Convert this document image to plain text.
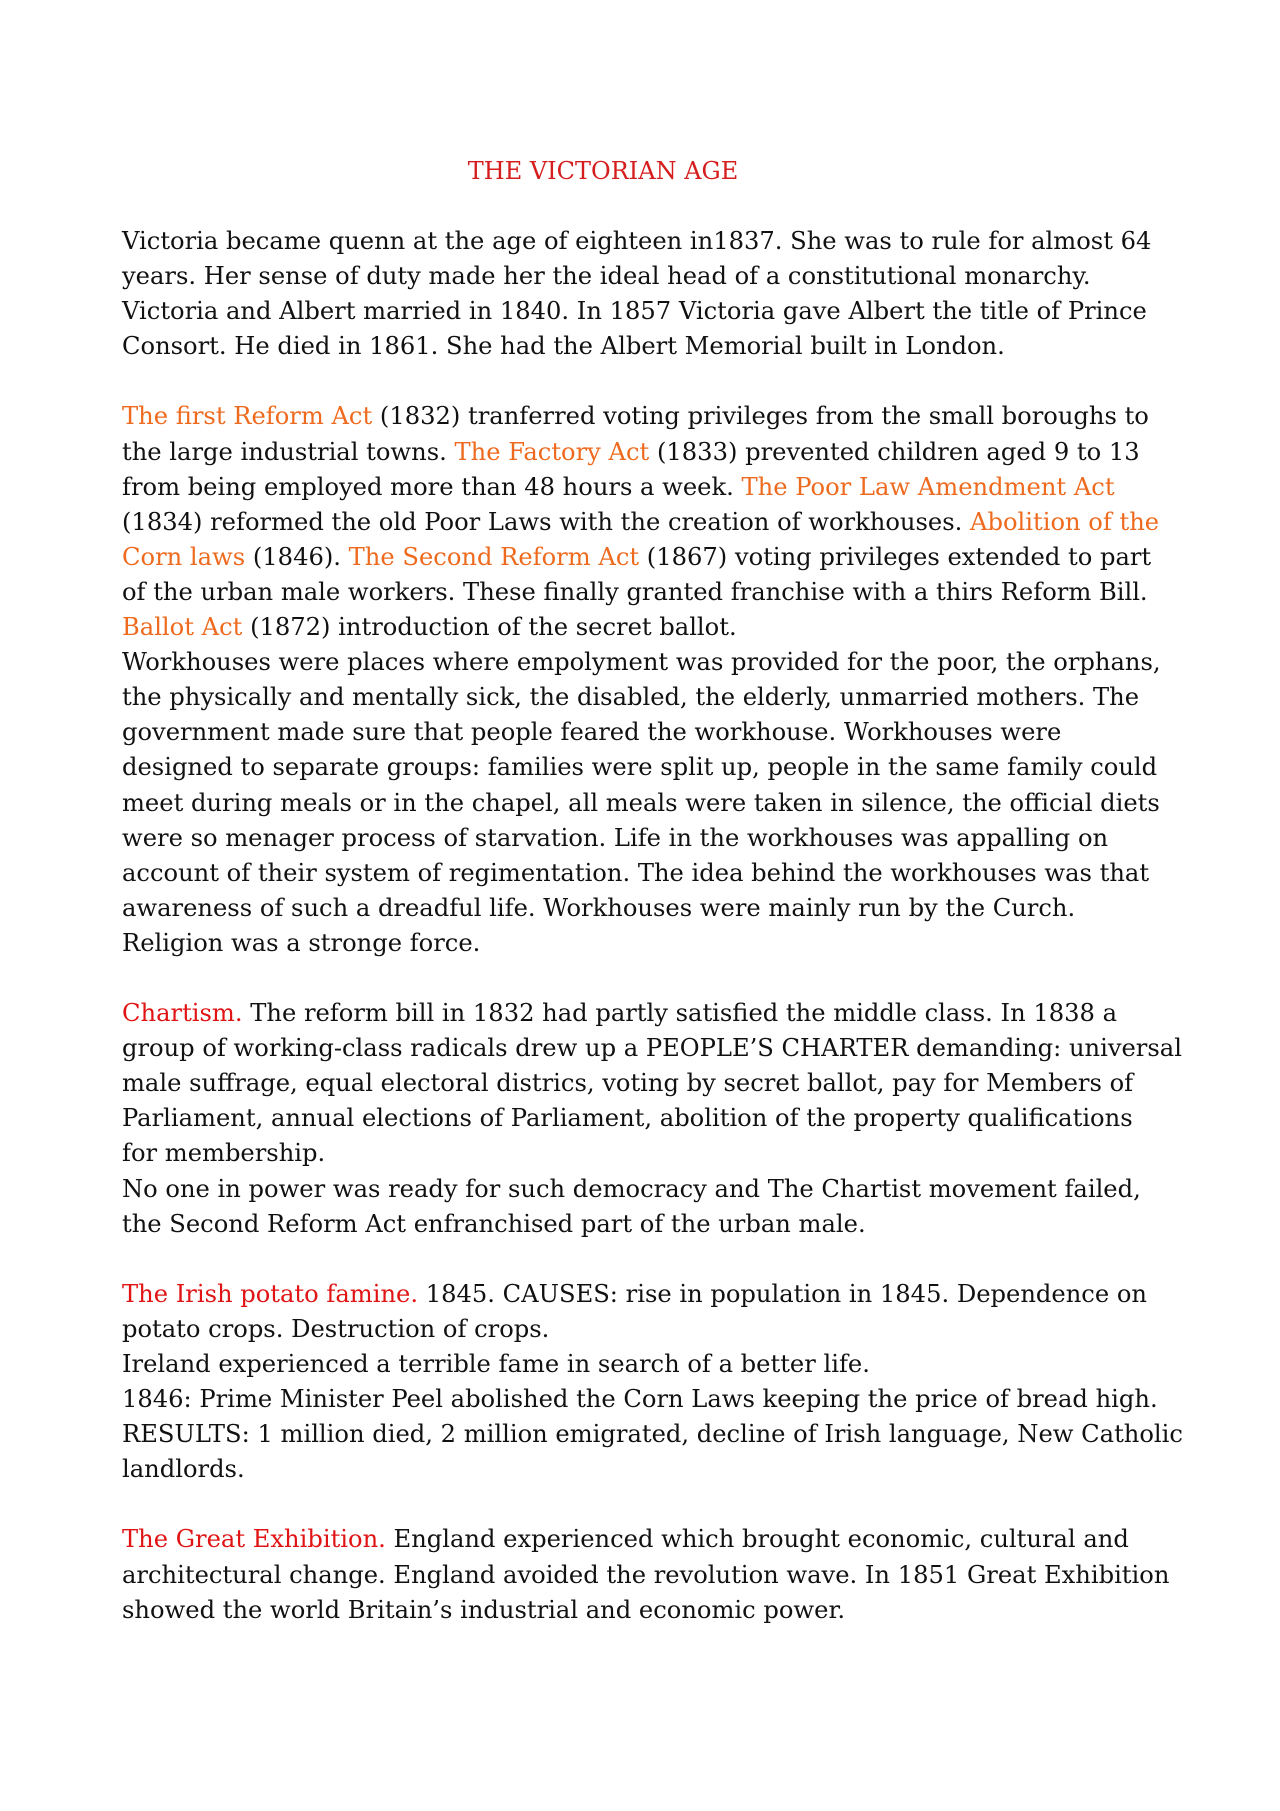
THE VICTORIAN AGE

Victoria became quenn at the age of eighteen in1837. She was to rule for almost 64
years. Her sense of duty made her the ideal head of a constitutional monarchy.
Victoria and Albert married in 1840. In 1857 Victoria gave Albert the title of Prince
Consort. He died in 1861. She had the Albert Memorial built in London.

The first Reform Act (1832) tranferred voting privileges from the small boroughs to
the large industrial towns. The Factory Act (1833) prevented children aged 9 to 13
from being employed more than 48 hours a week. The Poor Law Amendment Act
(1834) reformed the old Poor Laws with the creation of workhouses. Abolition of the
Corn laws (1846). The Second Reform Act (1867) voting privileges extended to part
of the urban male workers. These finally granted franchise with a thirs Reform Bill.
Ballot Act (1872) introduction of the secret ballot.

Workhouses were places where empolyment was provided for the poor, the orphans,
the physically and mentally sick, the disabled, the elderly, unmarried mothers. The
government made sure that people feared the workhouse. Workhouses were
designed to separate groups: families were split up, people in the same family could
meet during meals or in the chapel, all meals were taken in silence, the official diets
were so menager process of starvation. Life in the workhouses was appalling on
account of their system of regimentation. The idea behind the workhouses was that
awareness of such a dreadful life. Workhouses were mainly run by the Curch.
Religion was a stronge force.

Chartism. The reform bill in 1832 had partly satisfied the middle class. In 1838 a
group of working-class radicals drew up a PEOPLE’S CHARTER demanding: universal
male suffrage, equal electoral districs, voting by secret ballot, pay for Members of
Parliament, annual elections of Parliament, abolition of the property qualifications
for membership.
No one in power was ready for such democracy and The Chartist movement failed,
the Second Reform Act enfranchised part of the urban male.

The Irish potato famine. 1845. CAUSES: rise in population in 1845. Dependence on
potato crops. Destruction of crops.
Ireland experienced a terrible fame in search of a better life.
1846: Prime Minister Peel abolished the Corn Laws keeping the price of bread high.
RESULTS: 1 million died, 2 million emigrated, decline of Irish language, New Catholic
landlords.

The Great Exhibition. England experienced which brought economic, cultural and
architectural change. England avoided the revolution wave. In 1851 Great Exhibition
showed the world Britain’s industrial and economic power.
